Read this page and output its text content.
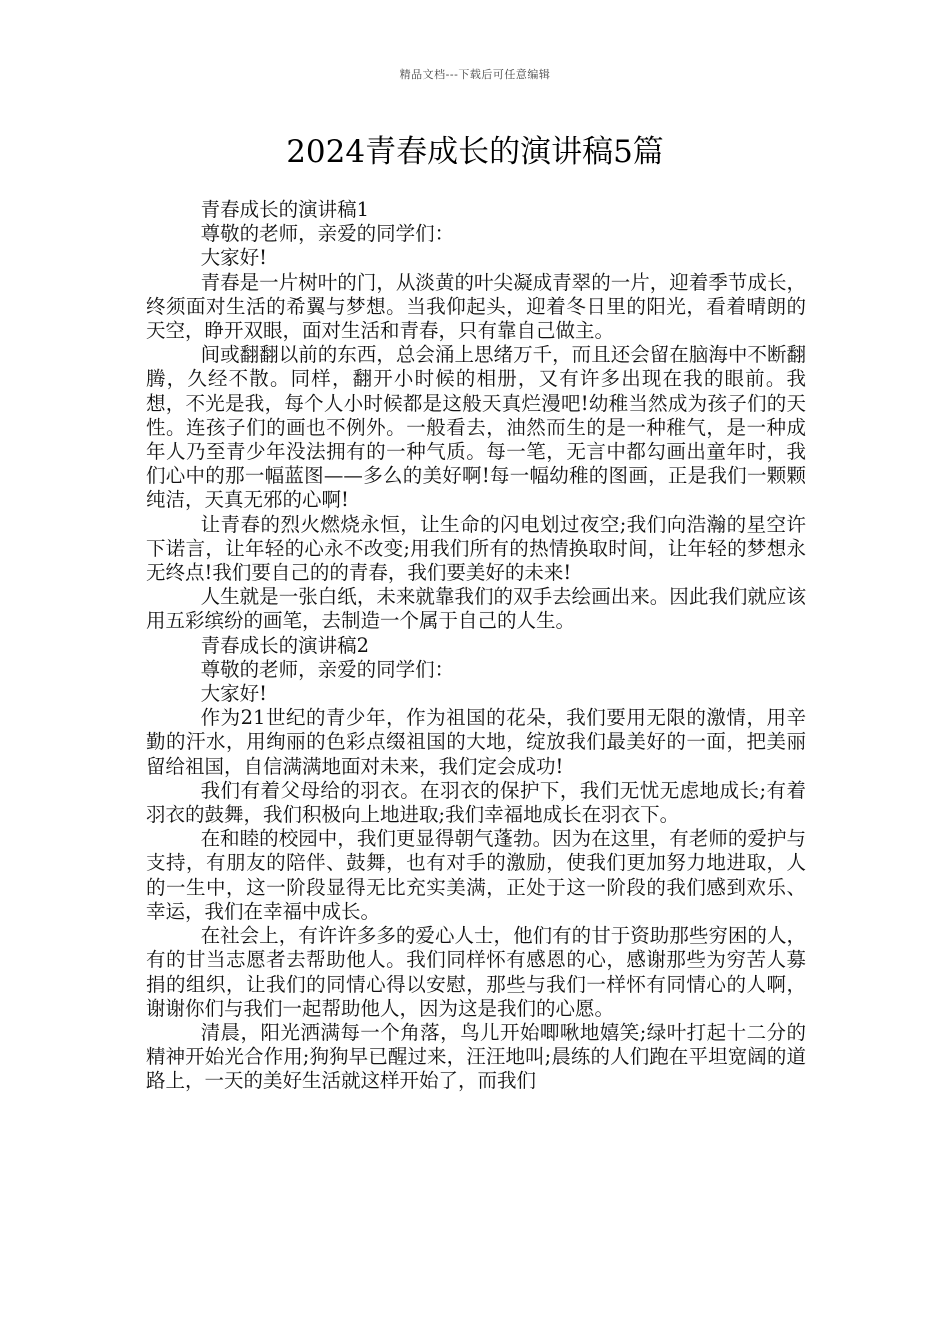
精品文档---下载后可任意编辑
2024青春成长的演讲稿5篇

青春成长的演讲稿1

尊敬的老师，亲爱的同学们：

大家好!

青春是一片树叶的门，从淡黄的叶尖凝成青翠的一片，迎着季节成长，终须面对生活的希翼与梦想。当我仰起头，迎着冬日里的阳光，看着晴朗的天空，睁开双眼，面对生活和青春，只有靠自己做主。

间或翻翻以前的东西，总会涌上思绪万千，而且还会留在脑海中不断翻腾，久经不散。同样，翻开小时候的相册，又有许多出现在我的眼前。我想，不光是我，每个人小时候都是这般天真烂漫吧!幼稚当然成为孩子们的天性。连孩子们的画也不例外。一般看去，油然而生的是一种稚气，是一种成年人乃至青少年没法拥有的一种气质。每一笔，无言中都勾画出童年时，我们心中的那一幅蓝图——多么的美好啊!每一幅幼稚的图画，正是我们一颗颗纯洁，天真无邪的心啊!

让青春的烈火燃烧永恒，让生命的闪电划过夜空;我们向浩瀚的星空许下诺言，让年轻的心永不改变;用我们所有的热情换取时间，让年轻的梦想永无终点!我们要自己的的青春，我们要美好的未来!

人生就是一张白纸，未来就靠我们的双手去绘画出来。因此我们就应该用五彩缤纷的画笔，去制造一个属于自己的人生。

青春成长的演讲稿2

尊敬的老师，亲爱的同学们：

大家好!

作为21世纪的青少年，作为祖国的花朵，我们要用无限的激情，用辛勤的汗水，用绚丽的色彩点缀祖国的大地，绽放我们最美好的一面，把美丽留给祖国，自信满满地面对未来，我们定会成功!

我们有着父母给的羽衣。在羽衣的保护下，我们无忧无虑地成长;有着羽衣的鼓舞，我们积极向上地进取;我们幸福地成长在羽衣下。

在和睦的校园中，我们更显得朝气蓬勃。因为在这里，有老师的爱护与支持，有朋友的陪伴、鼓舞，也有对手的激励，使我们更加努力地进取，人的一生中，这一阶段显得无比充实美满，正处于这一阶段的我们感到欢乐、幸运，我们在幸福中成长。

在社会上，有许许多多的爱心人士，他们有的甘于资助那些穷困的人，有的甘当志愿者去帮助他人。我们同样怀有感恩的心，感谢那些为穷苦人募捐的组织，让我们的同情心得以安慰，那些与我们一样怀有同情心的人啊，谢谢你们与我们一起帮助他人，因为这是我们的心愿。

清晨，阳光洒满每一个角落，鸟儿开始唧啾地嬉笑;绿叶打起十二分的精神开始光合作用;狗狗早已醒过来，汪汪地叫;晨练的人们跑在平坦宽阔的道路上，一天的美好生活就这样开始了，而我们
